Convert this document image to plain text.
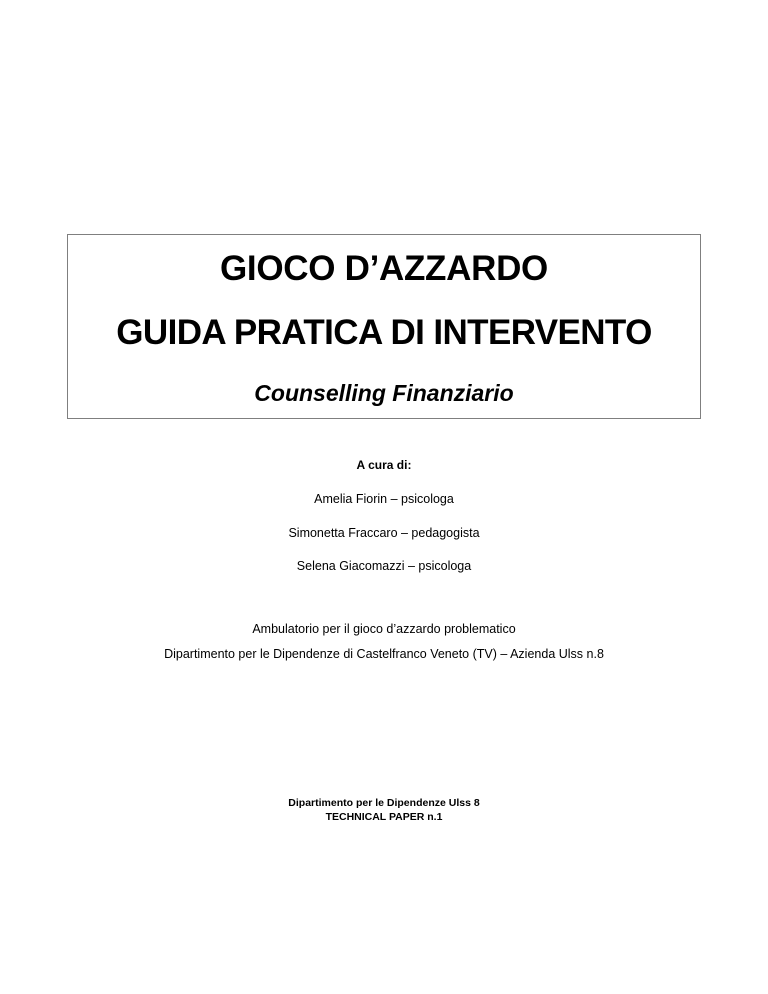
GIOCO D’AZZARDO
GUIDA PRATICA DI INTERVENTO
Counselling Finanziario
A cura di:
Amelia Fiorin – psicologa
Simonetta Fraccaro – pedagogista
Selena Giacomazzi – psicologa
Ambulatorio per il gioco d’azzardo problematico
Dipartimento per le Dipendenze di Castelfranco Veneto (TV) – Azienda Ulss n.8
Dipartimento per le Dipendenze Ulss 8
TECHNICAL PAPER n.1
